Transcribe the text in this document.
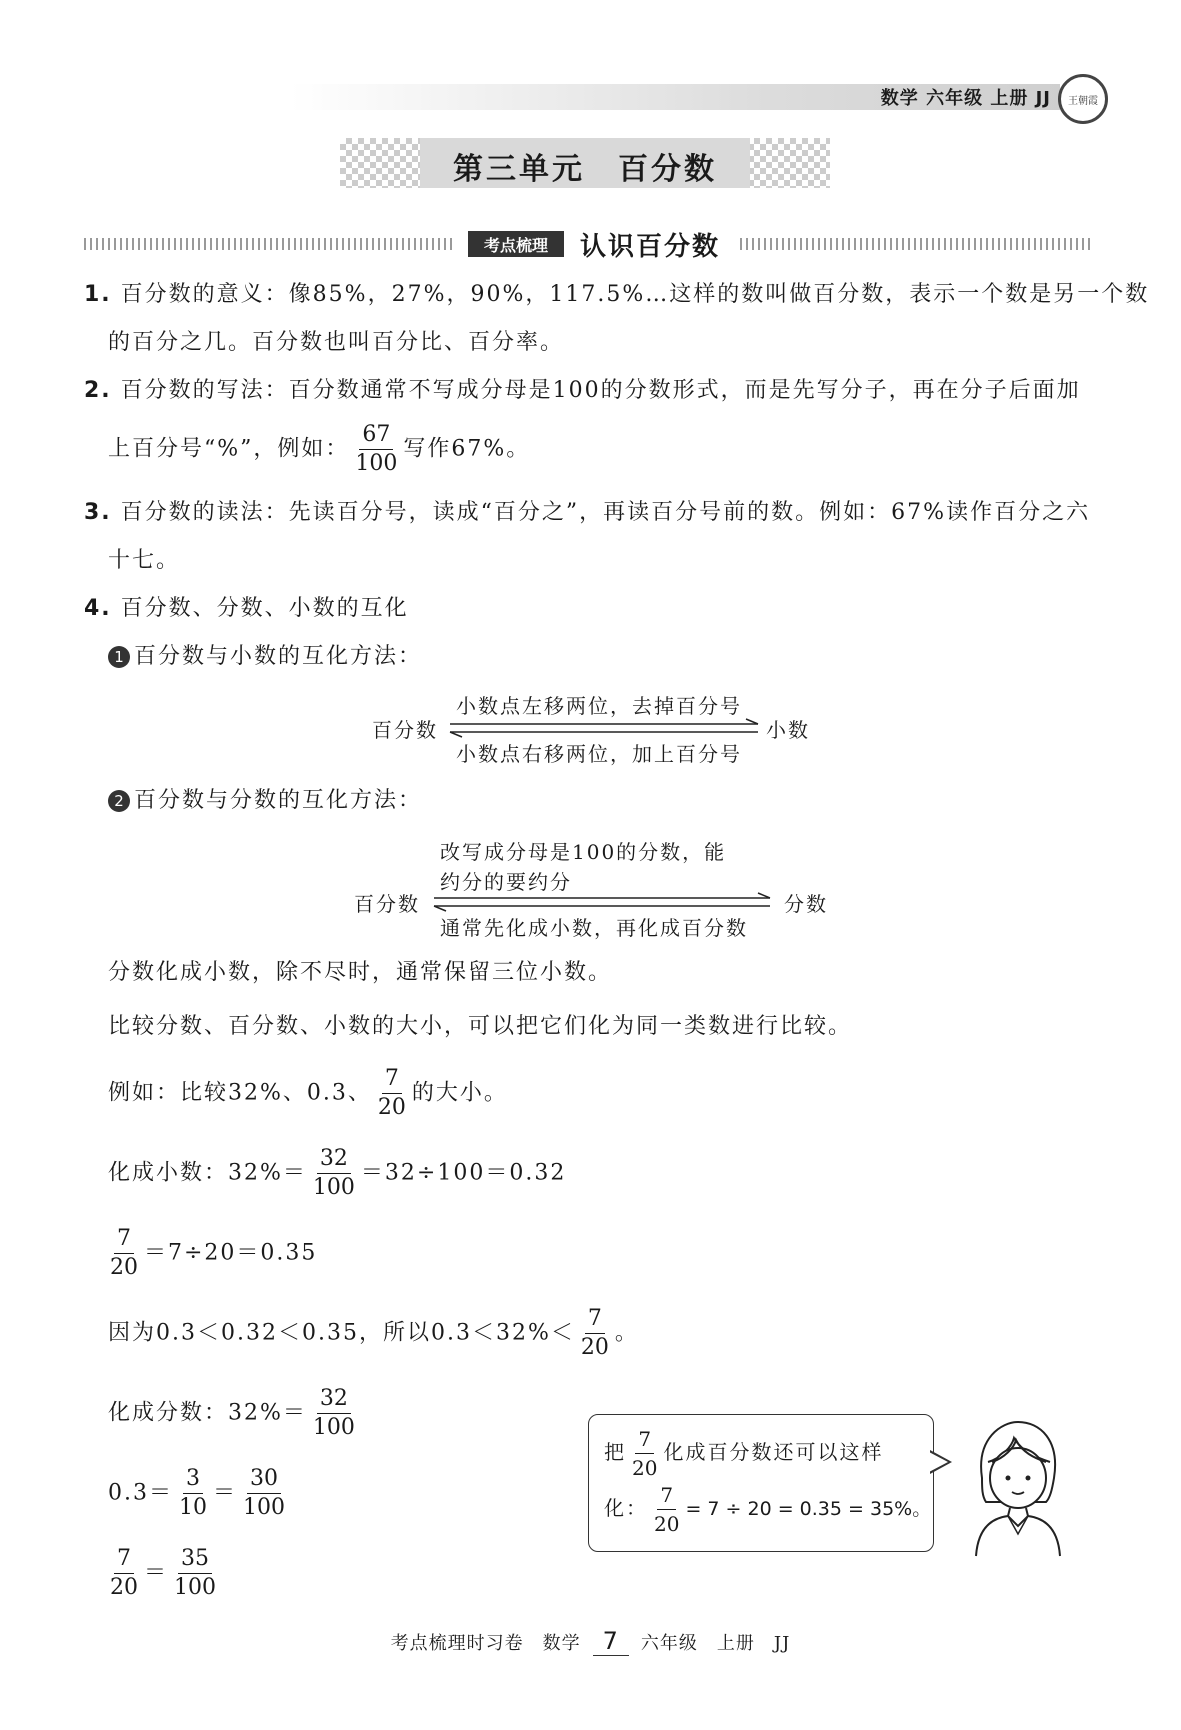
数学 六年级 上册 JJ 王朝霞
第三单元　百分数
考点梳理	认识百分数
1. 百分数的意义：像85%，27%，90%，117.5%…这样的数叫做百分数，表示一个数是另一个数
的百分之几。百分数也叫百分比、百分率。
2. 百分数的写法：百分数通常不写成分母是100的分数形式，而是先写分子，再在分子后面加
上百分号“%”，例如： $\frac{67}{100}$ 写作67%。
3. 百分数的读法：先读百分号，读成“百分之”，再读百分号前的数。例如：67%读作百分之六
十七。
4. 百分数、分数、小数的互化
1 百分数与小数的互化方法：
小数点左移两位，去掉百分号
百分数	小数
小数点右移两位，加上百分号
2 百分数与分数的互化方法：
改写成分母是100的分数，能
约分的要约分
百分数	分数
通常先化成小数，再化成百分数
分数化成小数，除不尽时，通常保留三位小数。
比较分数、百分数、小数的大小，可以把它们化为同一类数进行比较。
例如：比较32%、0.3、 $\frac{7}{20}$ 的大小。
化成小数：$32\%= \frac{32}{100} =32\div 100=0.32$
$\frac{7}{20} =7\div 20=0.35$
因为0.3＜0.32＜0.35，所以$0.3<32\%< \frac{7}{20}$ 。
化成分数：$32\%= \frac{32}{100}$
$0.3= \frac{3}{10} = \frac{30}{100}$
$\frac{7}{20} = \frac{35}{100}$
把 $\frac{7}{20}$ 化成百分数还可以这样
化： $\frac{7}{20} = 7 \div 20 = 0.35 = 35\%$。
考点梳理时习卷　数学 7 六年级　上册　JJ
